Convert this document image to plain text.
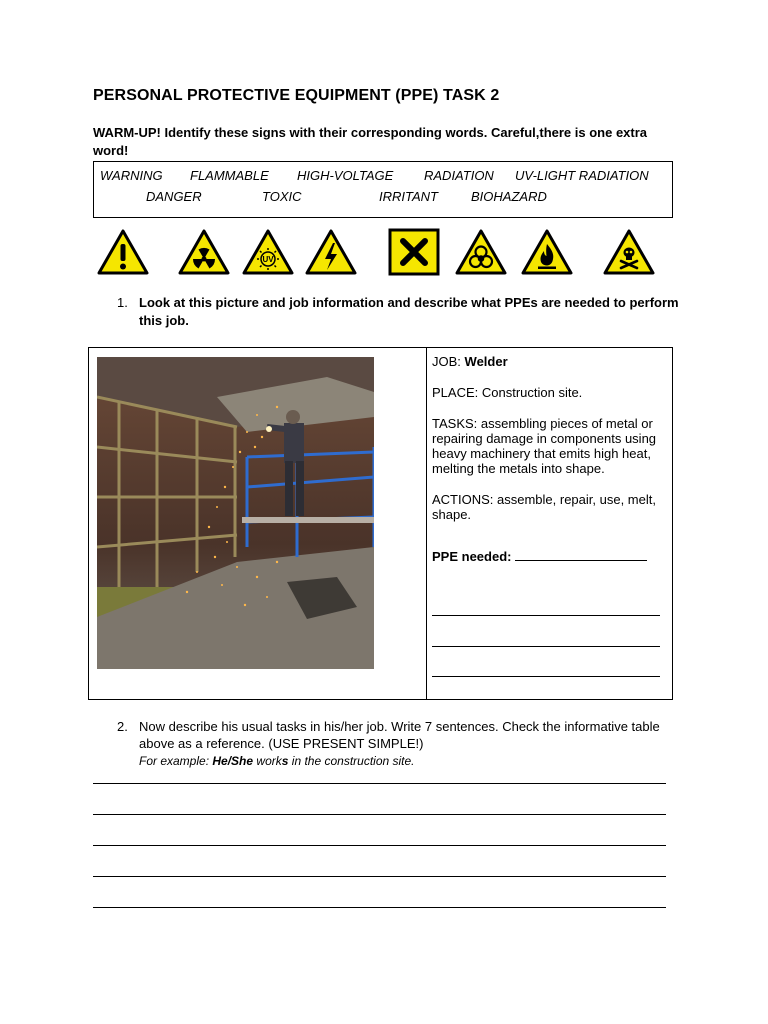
PERSONAL PROTECTIVE EQUIPMENT (PPE) TASK 2
WARM-UP! Identify these signs with their corresponding words. Careful,there is one extra word!
WARNING FLAMMABLE HIGH-VOLTAGE RADIATION UV-LIGHT RADIATION
DANGER	TOXIC	IRRITANT	BIOHAZARD
UV
1. Look at this picture and job information and describe what PPEs are needed to perform this job.

JOB: Welder

PLACE: Construction site.

TASKS: assembling pieces of metal or repairing damage in components using heavy machinery that emits high heat, melting the metals into shape.

ACTIONS: assemble, repair, use, melt, shape.

PPE needed:

2. Now describe his usual tasks in his/her job. Write 7 sentences. Check the informative table above as a reference. (USE PRESENT SIMPLE!)
For example: He/She works in the construction site.
